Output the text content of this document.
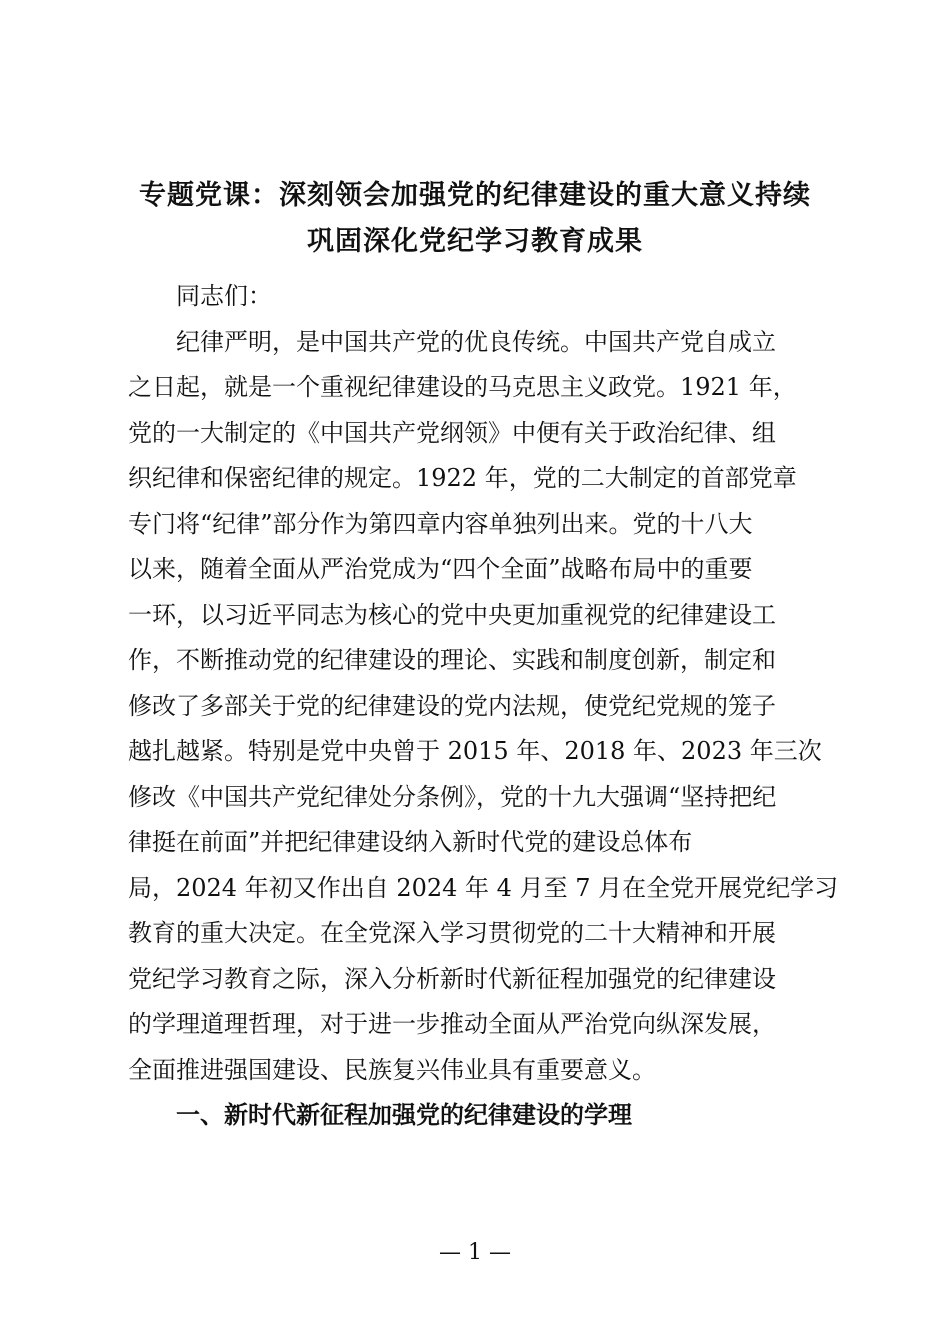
专题党课：深刻领会加强党的纪律建设的重大意义持续
巩固深化党纪学习教育成果
同志们：
纪律严明，是中国共产党的优良传统。中国共产党自成立
之日起，就是一个重视纪律建设的马克思主义政党。1921 年，
党的一大制定的《中国共产党纲领》中便有关于政治纪律、组
织纪律和保密纪律的规定。1922 年，党的二大制定的首部党章
专门将“纪律”部分作为第四章内容单独列出来。党的十八大
以来，随着全面从严治党成为“四个全面”战略布局中的重要
一环，以习近平同志为核心的党中央更加重视党的纪律建设工
作，不断推动党的纪律建设的理论、实践和制度创新，制定和
修改了多部关于党的纪律建设的党内法规，使党纪党规的笼子
越扎越紧。特别是党中央曾于 2015 年、2018 年、2023 年三次
修改《中国共产党纪律处分条例》，党的十九大强调“坚持把纪
律挺在前面”并把纪律建设纳入新时代党的建设总体布
局，2024 年初又作出自 2024 年 4 月至 7 月在全党开展党纪学习
教育的重大决定。在全党深入学习贯彻党的二十大精神和开展
党纪学习教育之际，深入分析新时代新征程加强党的纪律建设
的学理道理哲理，对于进一步推动全面从严治党向纵深发展，
全面推进强国建设、民族复兴伟业具有重要意义。
一、新时代新征程加强党的纪律建设的学理
— 1 —
